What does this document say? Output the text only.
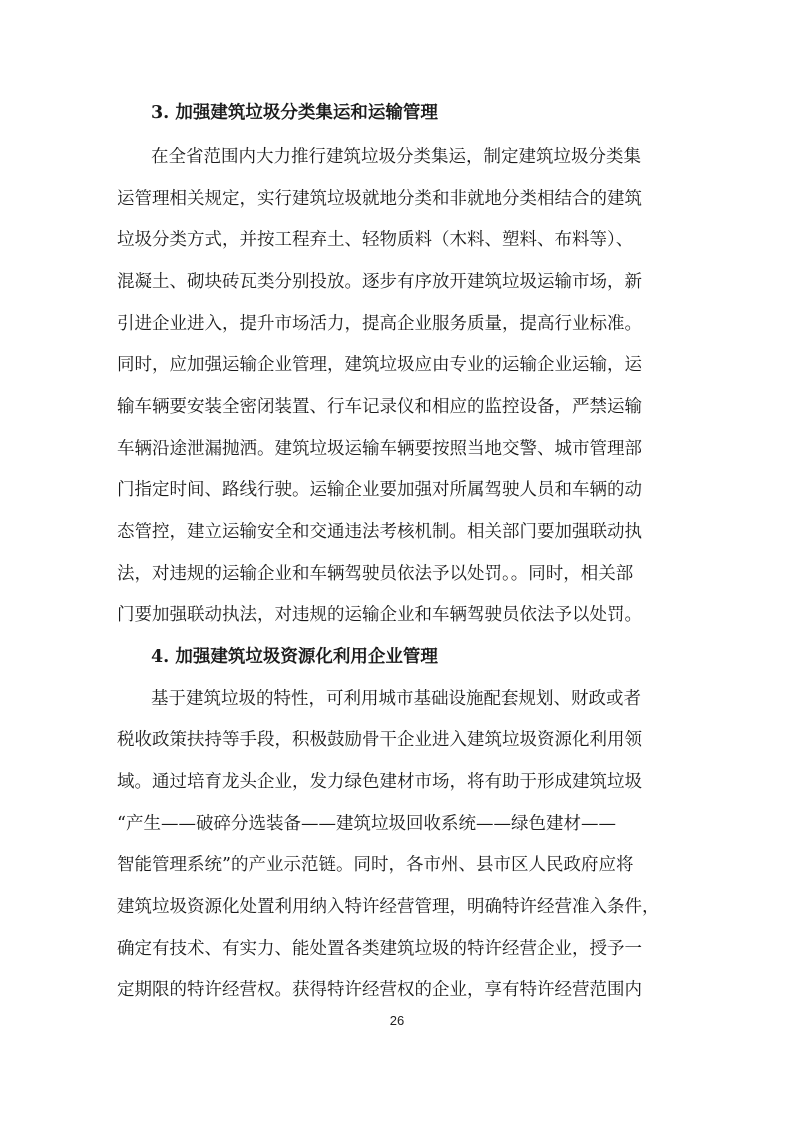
3. 加强建筑垃圾分类集运和运输管理
在全省范围内大力推行建筑垃圾分类集运，制定建筑垃圾分类集
运管理相关规定，实行建筑垃圾就地分类和非就地分类相结合的建筑
垃圾分类方式，并按工程弃土、轻物质料（木料、塑料、布料等）、
混凝土、砌块砖瓦类分别投放。逐步有序放开建筑垃圾运输市场，新
引进企业进入，提升市场活力，提高企业服务质量，提高行业标准。
同时，应加强运输企业管理，建筑垃圾应由专业的运输企业运输，运
输车辆要安装全密闭装置、行车记录仪和相应的监控设备，严禁运输
车辆沿途泄漏抛洒。建筑垃圾运输车辆要按照当地交警、城市管理部
门指定时间、路线行驶。运输企业要加强对所属驾驶人员和车辆的动
态管控，建立运输安全和交通违法考核机制。相关部门要加强联动执
法，对违规的运输企业和车辆驾驶员依法予以处罚。。同时，相关部
门要加强联动执法，对违规的运输企业和车辆驾驶员依法予以处罚。
4. 加强建筑垃圾资源化利用企业管理
基于建筑垃圾的特性，可利用城市基础设施配套规划、财政或者
税收政策扶持等手段，积极鼓励骨干企业进入建筑垃圾资源化利用领
域。通过培育龙头企业，发力绿色建材市场，将有助于形成建筑垃圾
“产生——破碎分选装备——建筑垃圾回收系统——绿色建材——
智能管理系统”的产业示范链。同时，各市州、县市区人民政府应将
建筑垃圾资源化处置利用纳入特许经营管理，明确特许经营准入条件，
确定有技术、有实力、能处置各类建筑垃圾的特许经营企业，授予一
定期限的特许经营权。获得特许经营权的企业，享有特许经营范围内
26
